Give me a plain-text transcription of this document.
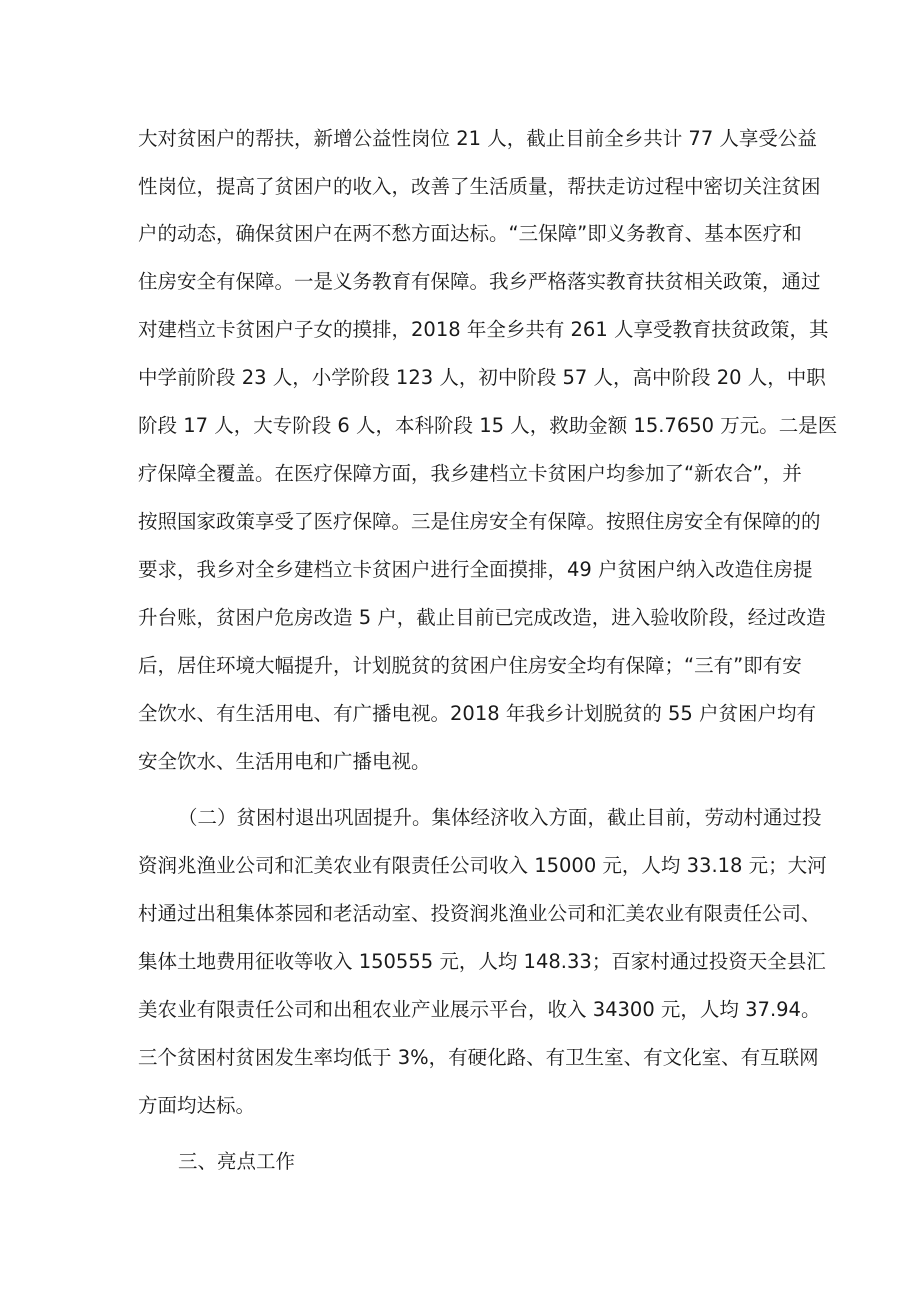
大对贫困户的帮扶，新增公益性岗位 21 人，截止目前全乡共计 77 人享受公益
性岗位，提高了贫困户的收入，改善了生活质量，帮扶走访过程中密切关注贫困
户的动态，确保贫困户在两不愁方面达标。“三保障”即义务教育、基本医疗和
住房安全有保障。一是义务教育有保障。我乡严格落实教育扶贫相关政策，通过
对建档立卡贫困户子女的摸排，2018 年全乡共有 261 人享受教育扶贫政策，其
中学前阶段 23 人，小学阶段 123 人，初中阶段 57 人，高中阶段 20 人，中职
阶段 17 人，大专阶段 6 人，本科阶段 15 人，救助金额 15.7650 万元。二是医
疗保障全覆盖。在医疗保障方面，我乡建档立卡贫困户均参加了“新农合”，并
按照国家政策享受了医疗保障。三是住房安全有保障。按照住房安全有保障的的
要求，我乡对全乡建档立卡贫困户进行全面摸排，49 户贫困户纳入改造住房提
升台账，贫困户危房改造 5 户，截止目前已完成改造，进入验收阶段，经过改造
后，居住环境大幅提升，计划脱贫的贫困户住房安全均有保障；“三有”即有安
全饮水、有生活用电、有广播电视。2018 年我乡计划脱贫的 55 户贫困户均有
安全饮水、生活用电和广播电视。
（二）贫困村退出巩固提升。集体经济收入方面，截止目前，劳动村通过投
资润兆渔业公司和汇美农业有限责任公司收入 15000 元，人均 33.18 元；大河
村通过出租集体茶园和老活动室、投资润兆渔业公司和汇美农业有限责任公司、
集体土地费用征收等收入 150555 元，人均 148.33；百家村通过投资天全县汇
美农业有限责任公司和出租农业产业展示平台，收入 34300 元，人均 37.94。
三个贫困村贫困发生率均低于 3%，有硬化路、有卫生室、有文化室、有互联网
方面均达标。
三、亮点工作
